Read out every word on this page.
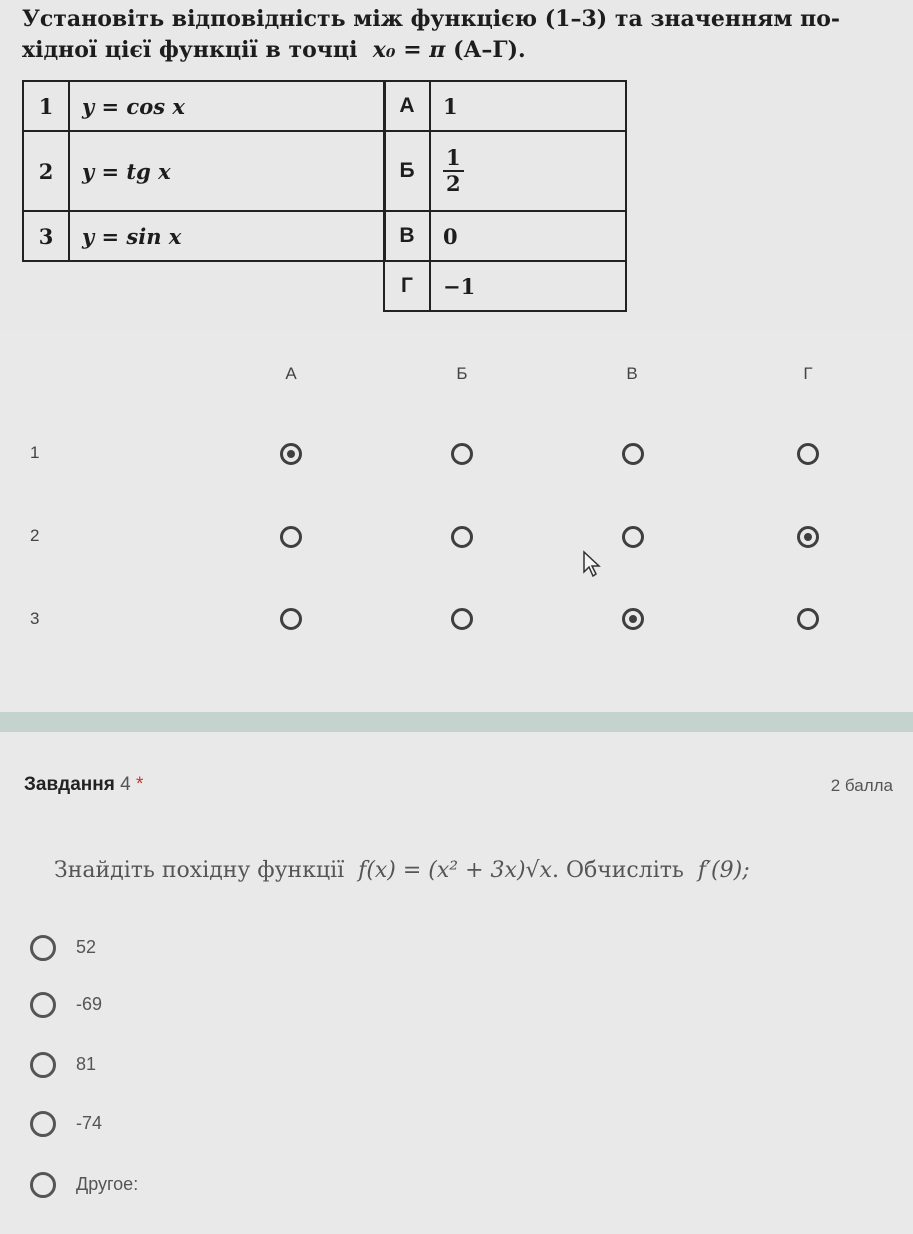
Установіть відповідність між функцією (1–3) та значенням по-
хідної цієї функції в точці x₀ = π (А–Г).
1	y = cos x
2	y = tg x
3	y = sin x
А	1
Б	$\frac{1}{2}$

В	0
Г	−1
А	Б	В	Г
1
2
3
Завдання 4 *	2 балла
Знайдіть похідну функції f(x) = (x² + 3x)√x. Обчисліть f′(9);
52
-69
81
-74
Другое:
